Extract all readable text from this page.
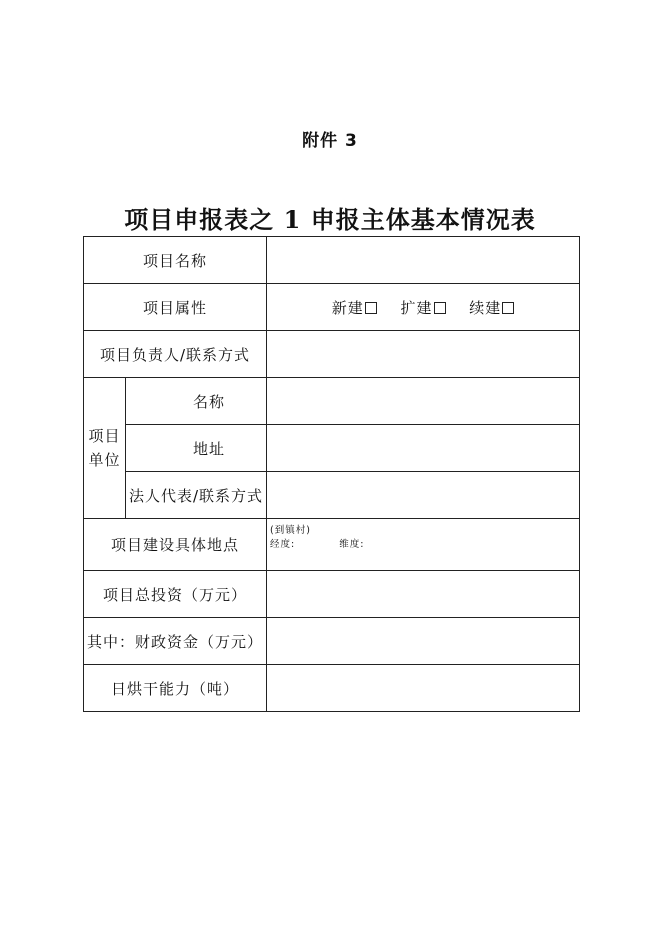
附件 3
项目申报表之 1 申报主体基本情况表
项目名称		
项目属性		新建 扩建 续建
项目负责人/联系方式		

项目
单位	名称	
	地址	
	法人代表/联系方式	
项目建设具体地点		(到镇村)
经度: 维度:

项目总投资（万元）		
其中：财政资金（万元）		
日烘干能力（吨）		
